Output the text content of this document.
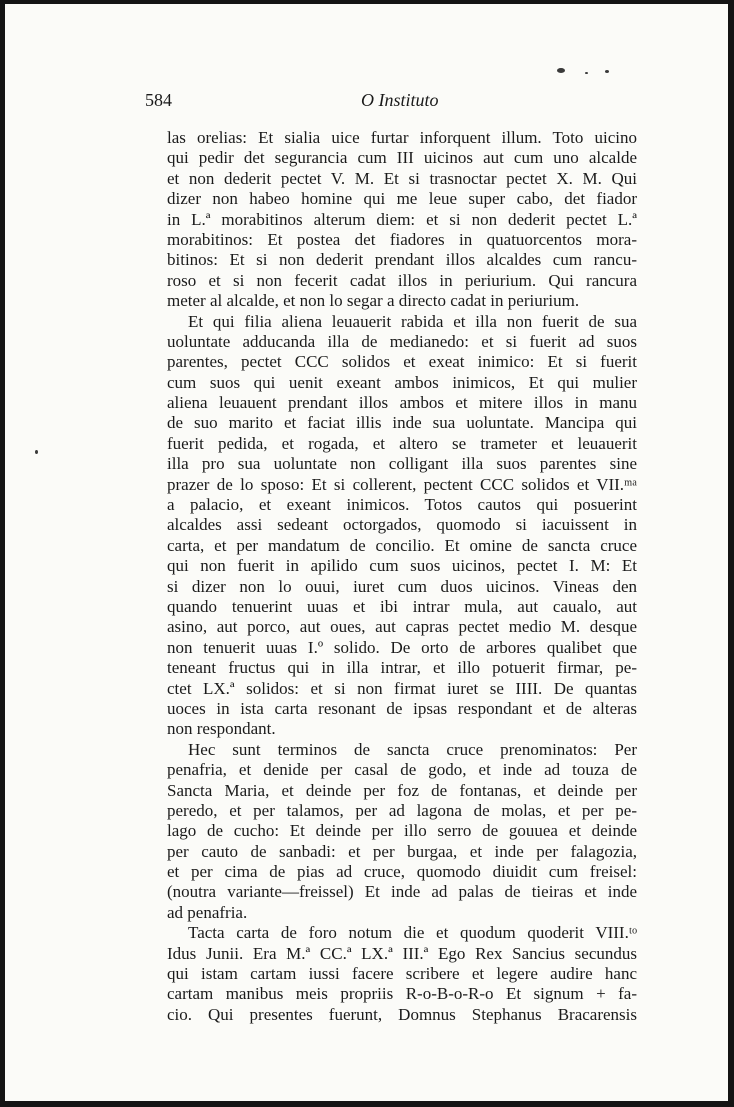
584	O Instituto
las orelias: Et sialia uice furtar inforquent illum. Toto uicino
qui pedir det segurancia cum III uicinos aut cum uno alcalde
et non dederit pectet V. M. Et si trasnoctar pectet X. M. Qui
dizer non habeo homine qui me leue super cabo, det fiador
in L.ª morabitinos alterum diem: et si non dederit pectet L.ª
morabitinos: Et postea det fiadores in quatuorcentos mora-
bitinos: Et si non dederit prendant illos alcaldes cum rancu-
roso et si non fecerit cadat illos in periurium. Qui rancura
meter al alcalde, et non lo segar a directo cadat in periurium.
Et qui filia aliena leuauerit rabida et illa non fuerit de sua
uoluntate adducanda illa de medianedo: et si fuerit ad suos
parentes, pectet CCC solidos et exeat inimico: Et si fuerit
cum suos qui uenit exeant ambos inimicos, Et qui mulier
aliena leuauent prendant illos ambos et mitere illos in manu
de suo marito et faciat illis inde sua uoluntate. Mancipa qui
fuerit pedida, et rogada, et altero se trameter et leuauerit
illa pro sua uoluntate non colligant illa suos parentes sine
prazer de lo sposo: Et si collerent, pectent CCC solidos et VII.ᵐᵃ
a palacio, et exeant inimicos. Totos cautos qui posuerint
alcaldes assi sedeant octorgados, quomodo si iacuissent in
carta, et per mandatum de concilio. Et omine de sancta cruce
qui non fuerit in apilido cum suos uicinos, pectet I. M: Et
si dizer non lo ouui, iuret cum duos uicinos. Vineas den
quando tenuerint uuas et ibi intrar mula, aut caualo, aut
asino, aut porco, aut oues, aut capras pectet medio M. desque
non tenuerit uuas I.º solido. De orto de arbores qualibet que
teneant fructus qui in illa intrar, et illo potuerit firmar, pe-
ctet LX.ª solidos: et si non firmat iuret se IIII. De quantas
uoces in ista carta resonant de ipsas respondant et de alteras
non respondant.
Hec sunt terminos de sancta cruce prenominatos: Per
penafria, et denide per casal de godo, et inde ad touza de
Sancta Maria, et deinde per foz de fontanas, et deinde per
peredo, et per talamos, per ad lagona de molas, et per pe-
lago de cucho: Et deinde per illo serro de gouuea et deinde
per cauto de sanbadi: et per burgaa, et inde per falagozia,
et per cima de pias ad cruce, quomodo diuidit cum freisel:
(noutra variante—freissel) Et inde ad palas de tieiras et inde
ad penafria.
Tacta carta de foro notum die et quodum quoderit VIII.ᵗᵒ
Idus Junii. Era M.ª CC.ª LX.ª III.ª Ego Rex Sancius secundus
qui istam cartam iussi facere scribere et legere audire hanc
cartam manibus meis propriis R-o-B-o-R-o Et signum + fa-
cio. Qui presentes fuerunt, Domnus Stephanus Bracarensis
